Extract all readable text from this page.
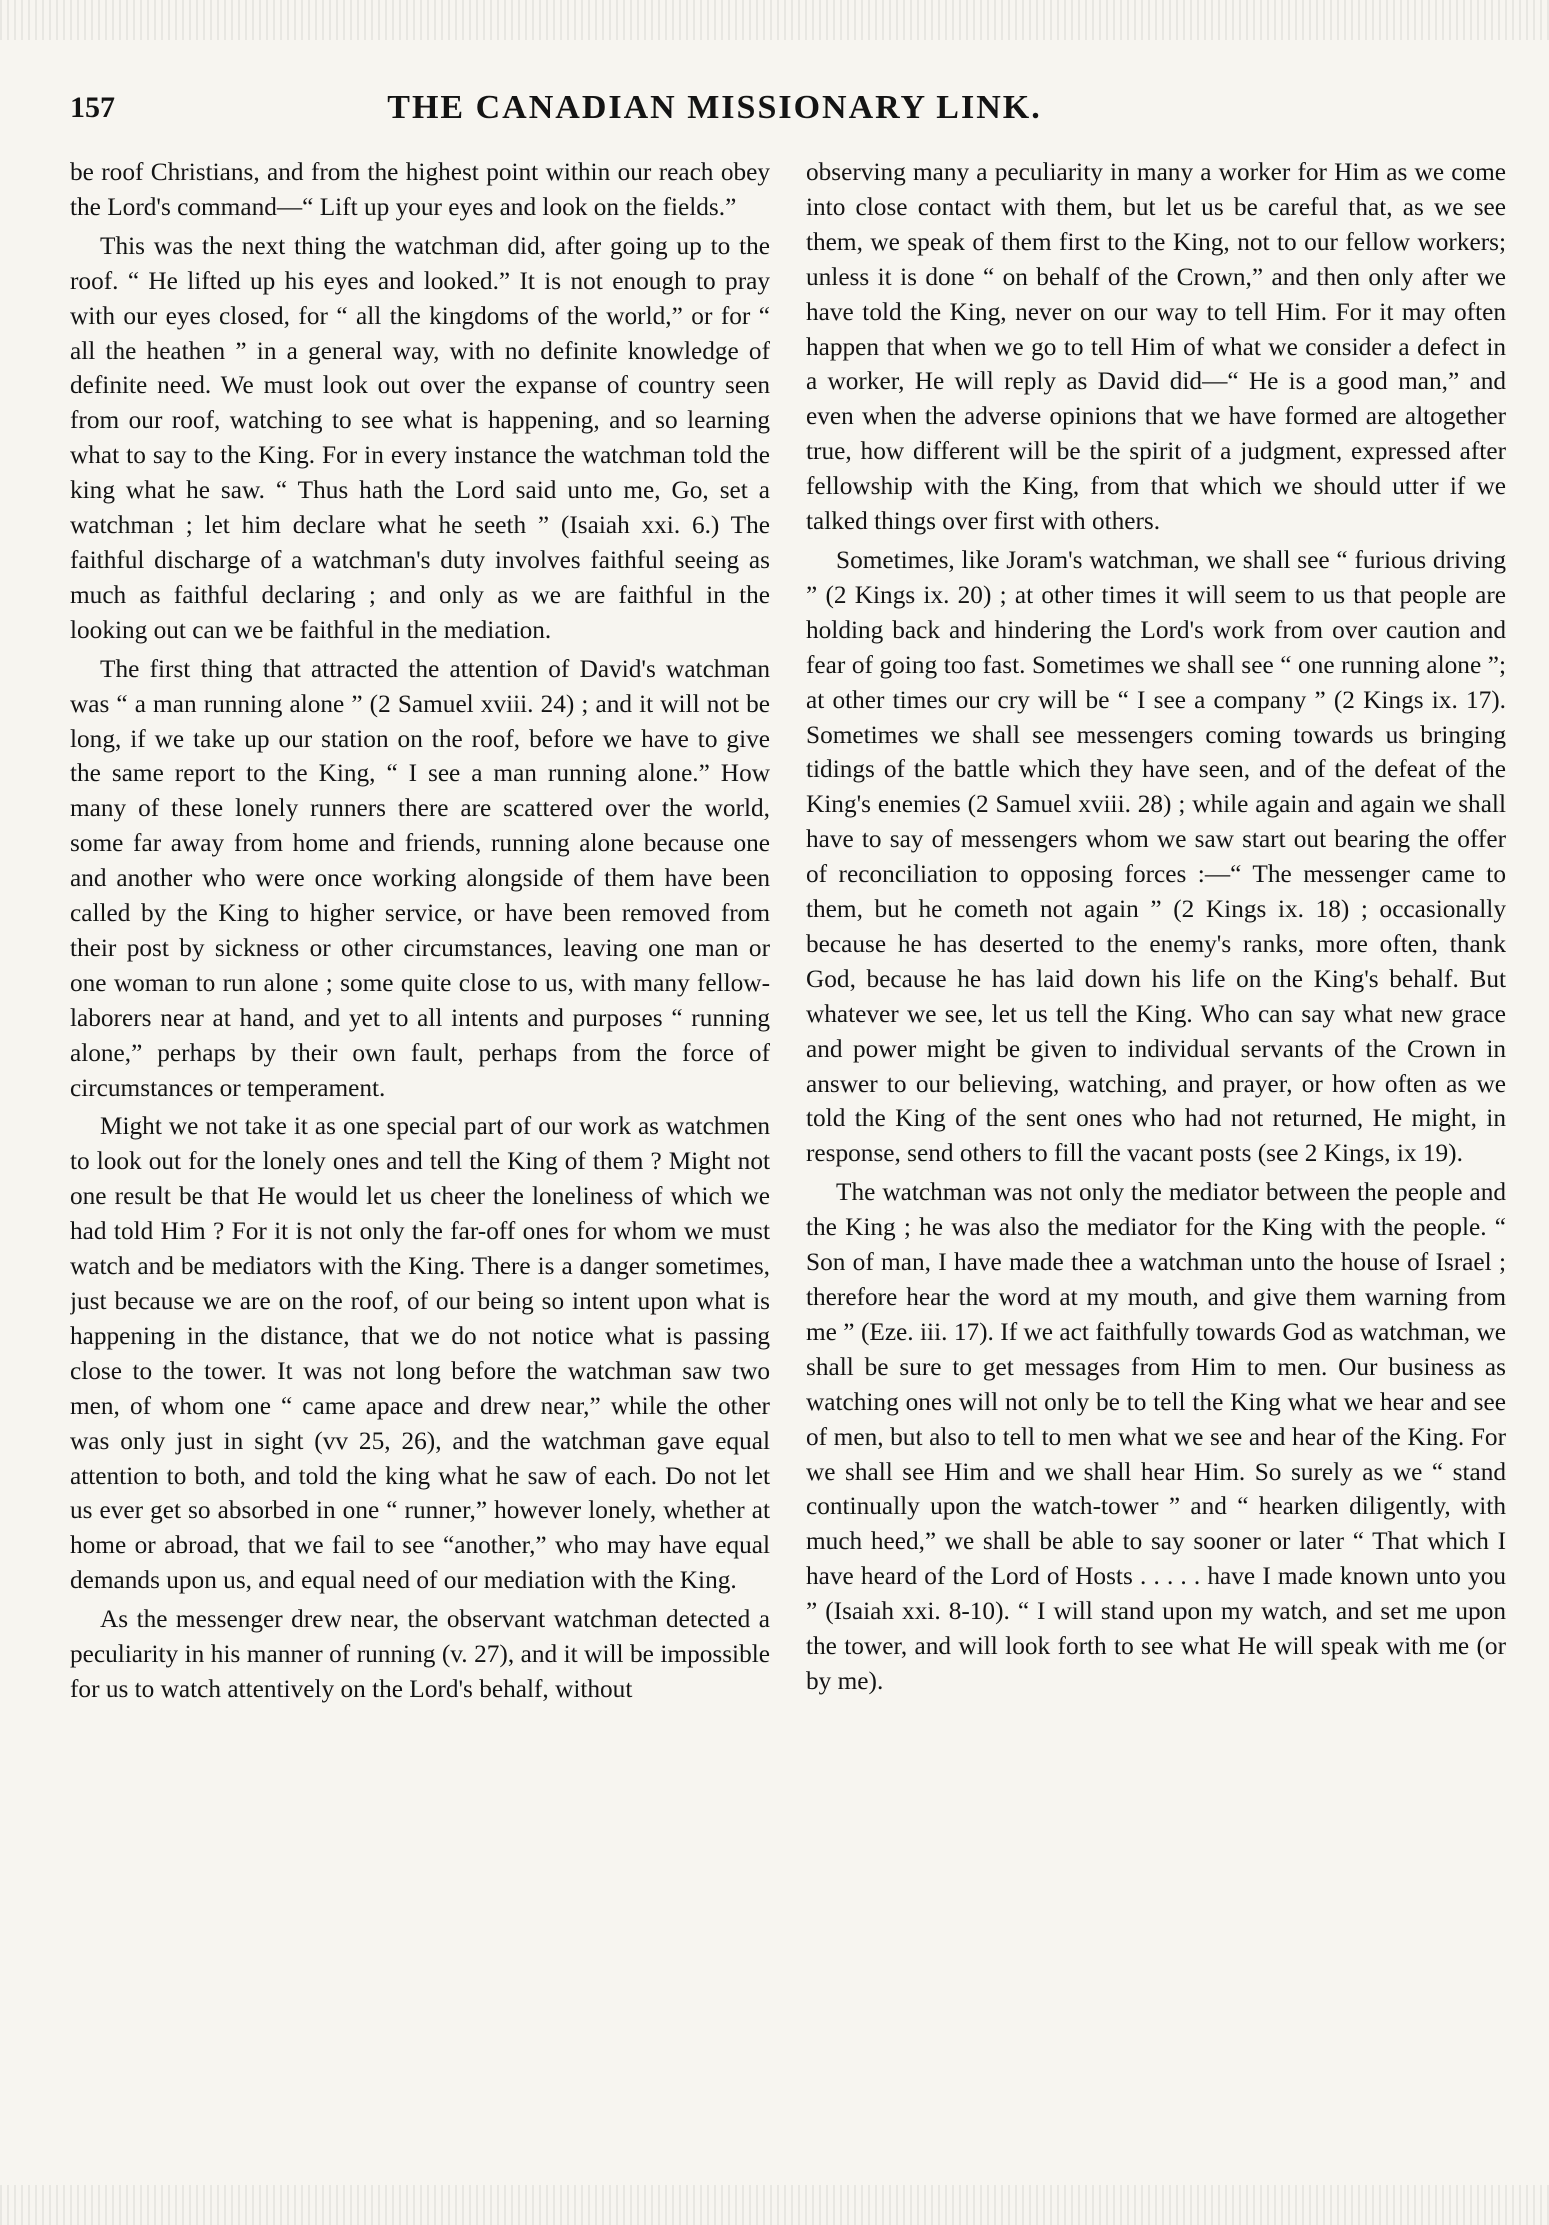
157	THE CANADIAN MISSIONARY LINK.

be roof Christians, and from the highest point within our reach obey the Lord's command—“ Lift up your eyes and look on the fields.”

This was the next thing the watchman did, after going up to the roof. “ He lifted up his eyes and looked.” It is not enough to pray with our eyes closed, for “ all the kingdoms of the world,” or for “ all the heathen ” in a general way, with no definite knowledge of definite need. We must look out over the expanse of country seen from our roof, watching to see what is happening, and so learning what to say to the King. For in every instance the watchman told the king what he saw. “ Thus hath the Lord said unto me, Go, set a watchman ; let him declare what he seeth ” (Isaiah xxi. 6.) The faithful discharge of a watchman's duty involves faithful seeing as much as faithful declaring ; and only as we are faithful in the looking out can we be faithful in the mediation.

The first thing that attracted the attention of David's watchman was “ a man running alone ” (2 Samuel xviii. 24) ; and it will not be long, if we take up our station on the roof, before we have to give the same report to the King, “ I see a man running alone.” How many of these lonely runners there are scattered over the world, some far away from home and friends, running alone because one and another who were once working alongside of them have been called by the King to higher service, or have been removed from their post by sickness or other circumstances, leaving one man or one woman to run alone ; some quite close to us, with many fellow-laborers near at hand, and yet to all intents and purposes “ running alone,” perhaps by their own fault, perhaps from the force of circumstances or temperament.

Might we not take it as one special part of our work as watchmen to look out for the lonely ones and tell the King of them ? Might not one result be that He would let us cheer the loneliness of which we had told Him ? For it is not only the far-off ones for whom we must watch and be mediators with the King. There is a danger sometimes, just because we are on the roof, of our being so intent upon what is happening in the distance, that we do not notice what is passing close to the tower. It was not long before the watchman saw two men, of whom one “ came apace and drew near,” while the other was only just in sight (vv 25, 26), and the watchman gave equal attention to both, and told the king what he saw of each. Do not let us ever get so absorbed in one “ runner,” however lonely, whether at home or abroad, that we fail to see “another,” who may have equal demands upon us, and equal need of our mediation with the King.

As the messenger drew near, the observant watchman detected a peculiarity in his manner of running (v. 27), and it will be impossible for us to watch attentively on the Lord's behalf, without

observing many a peculiarity in many a worker for Him as we come into close contact with them, but let us be careful that, as we see them, we speak of them first to the King, not to our fellow workers; unless it is done “ on behalf of the Crown,” and then only after we have told the King, never on our way to tell Him. For it may often happen that when we go to tell Him of what we consider a defect in a worker, He will reply as David did—“ He is a good man,” and even when the adverse opinions that we have formed are altogether true, how different will be the spirit of a judgment, expressed after fellowship with the King, from that which we should utter if we talked things over first with others.

Sometimes, like Joram's watchman, we shall see “ furious driving ” (2 Kings ix. 20) ; at other times it will seem to us that people are holding back and hindering the Lord's work from over caution and fear of going too fast. Sometimes we shall see “ one running alone ”; at other times our cry will be “ I see a company ” (2 Kings ix. 17). Sometimes we shall see messengers coming towards us bringing tidings of the battle which they have seen, and of the defeat of the King's enemies (2 Samuel xviii. 28) ; while again and again we shall have to say of messengers whom we saw start out bearing the offer of reconciliation to opposing forces :—“ The messenger came to them, but he cometh not again ” (2 Kings ix. 18) ; occasionally because he has deserted to the enemy's ranks, more often, thank God, because he has laid down his life on the King's behalf. But whatever we see, let us tell the King. Who can say what new grace and power might be given to individual servants of the Crown in answer to our believing, watching, and prayer, or how often as we told the King of the sent ones who had not returned, He might, in response, send others to fill the vacant posts (see 2 Kings, ix 19).

The watchman was not only the mediator between the people and the King ; he was also the mediator for the King with the people. “ Son of man, I have made thee a watchman unto the house of Israel ; therefore hear the word at my mouth, and give them warning from me ” (Eze. iii. 17). If we act faithfully towards God as watchman, we shall be sure to get messages from Him to men. Our business as watching ones will not only be to tell the King what we hear and see of men, but also to tell to men what we see and hear of the King. For we shall see Him and we shall hear Him. So surely as we “ stand continually upon the watch-tower ” and “ hearken diligently, with much heed,” we shall be able to say sooner or later “ That which I have heard of the Lord of Hosts . . . . . have I made known unto you ” (Isaiah xxi. 8-10). “ I will stand upon my watch, and set me upon the tower, and will look forth to see what He will speak with me (or by me).
